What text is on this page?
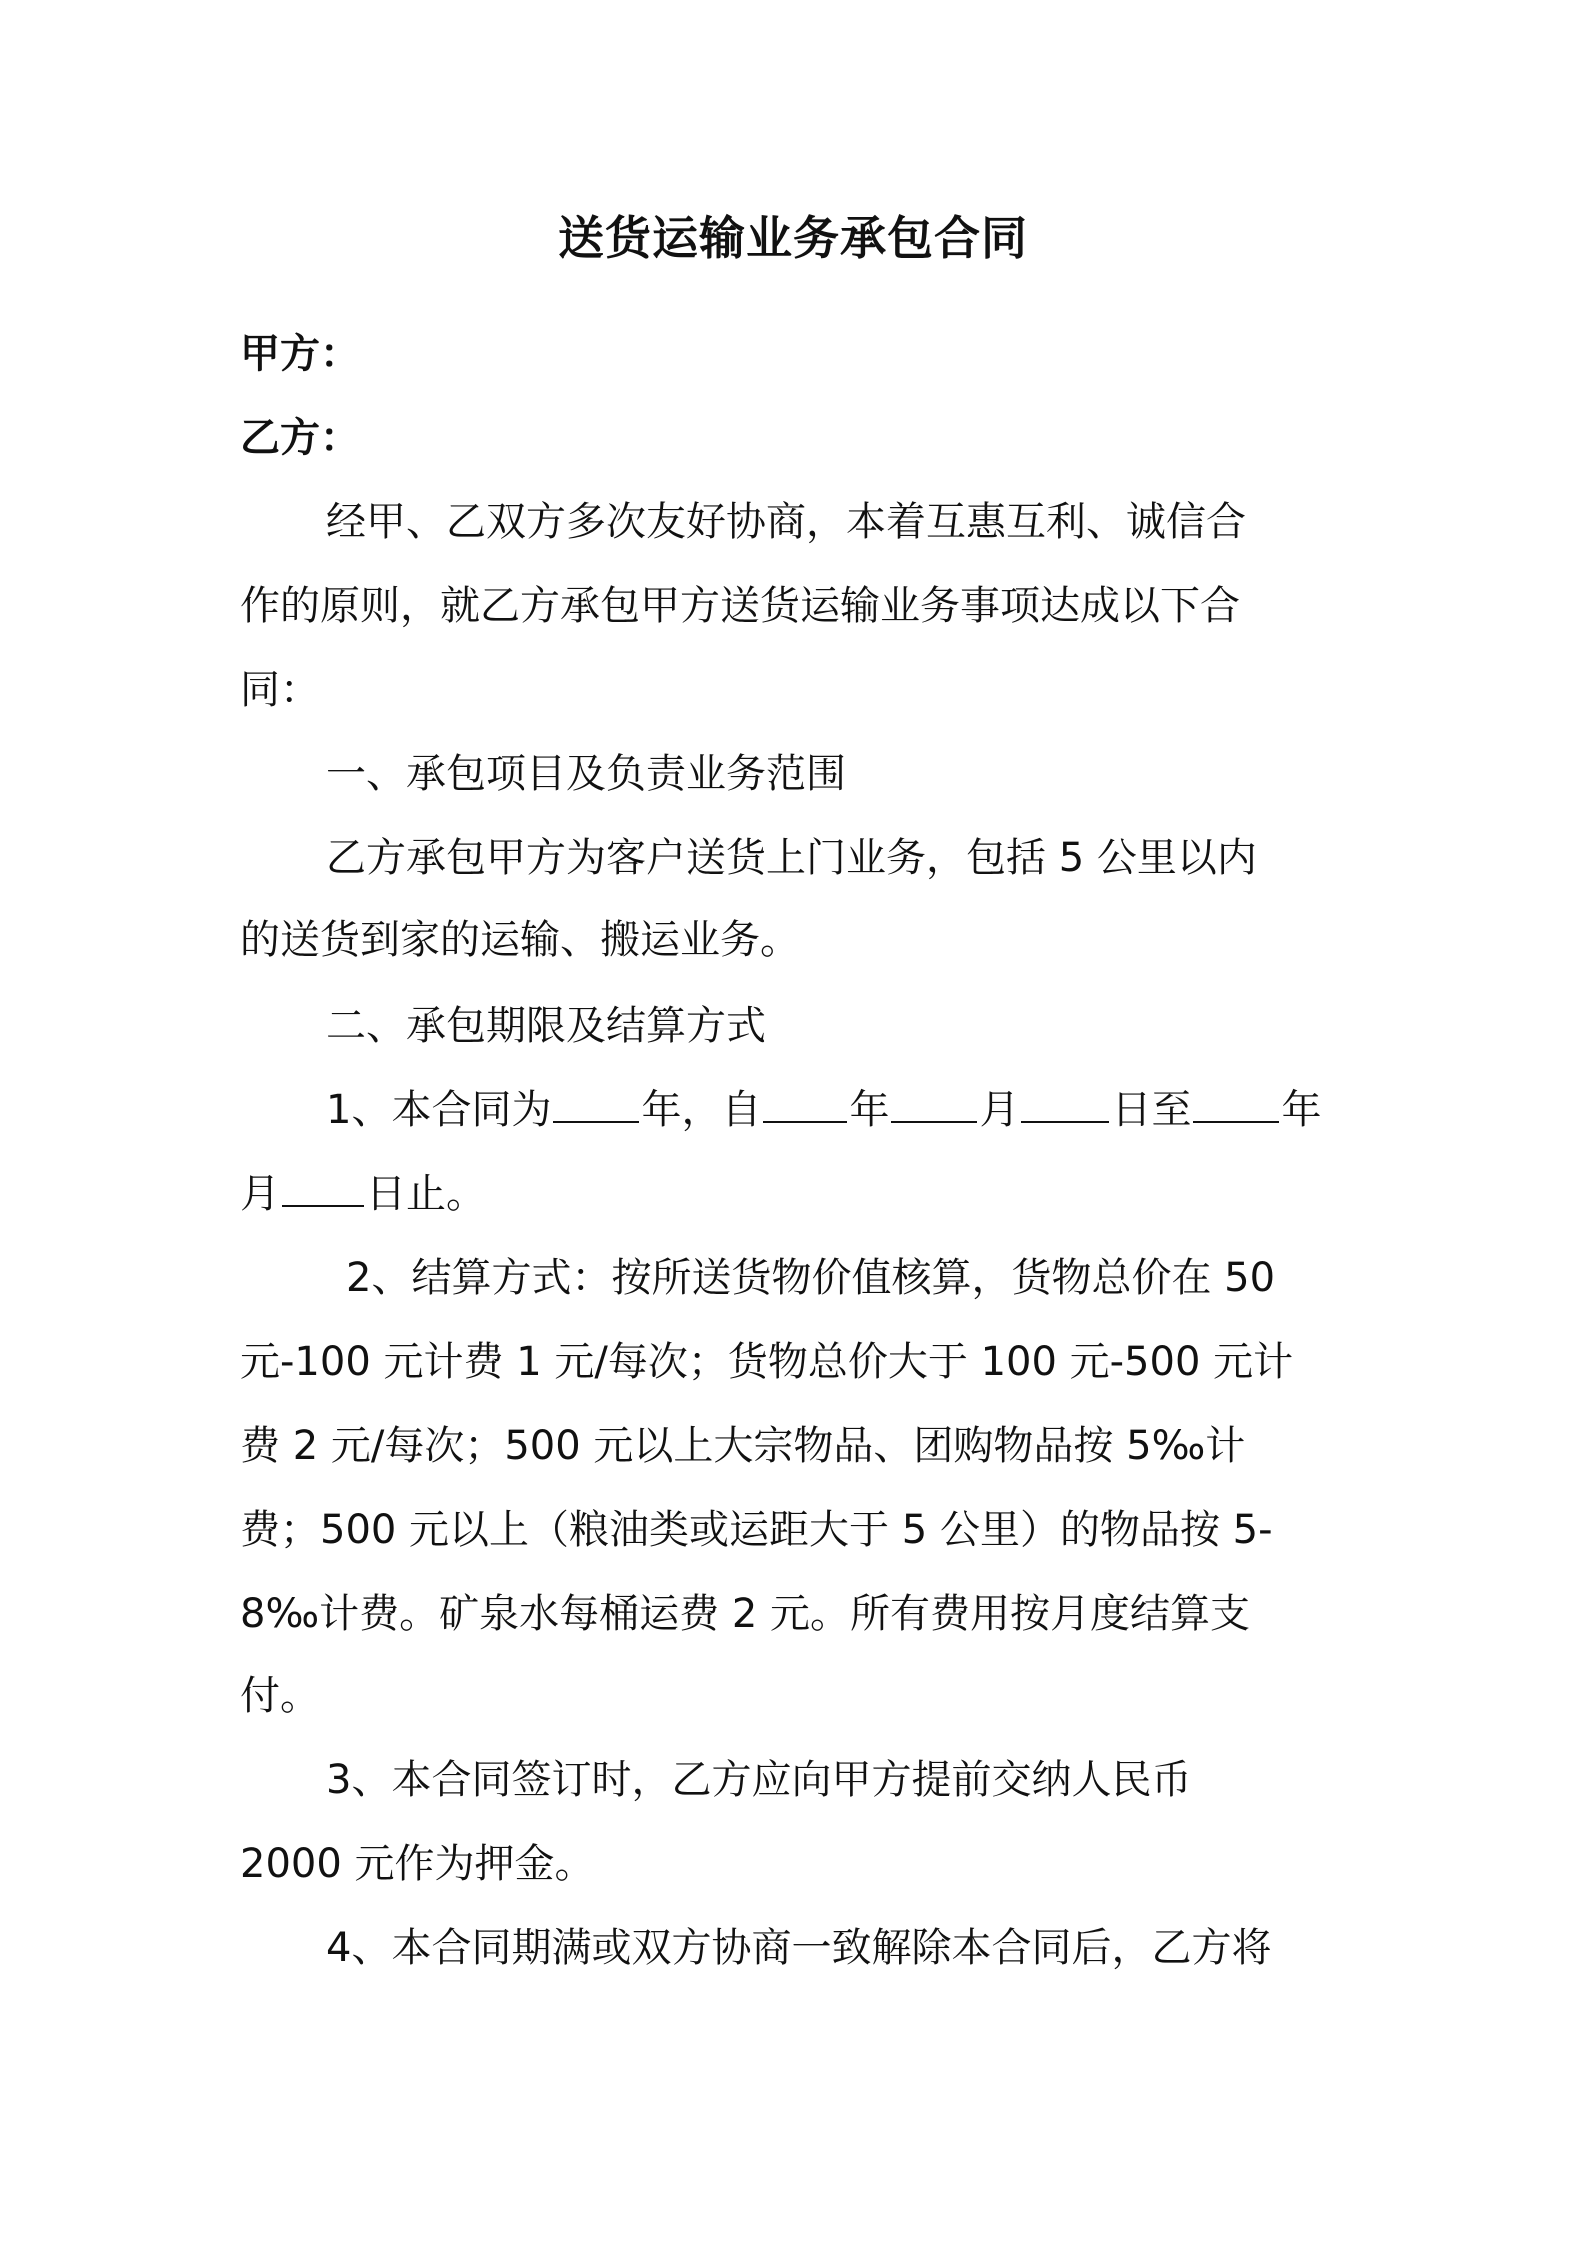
送货运输业务承包合同
甲方：
乙方：
经甲、乙双方多次友好协商，本着互惠互利、诚信合
作的原则，就乙方承包甲方送货运输业务事项达成以下合
同：
一、承包项目及负责业务范围
乙方承包甲方为客户送货上门业务，包括 5 公里以内
的送货到家的运输、搬运业务。
二、承包期限及结算方式
1、本合同为 年，自 年 月 日至 年
月 日止。
2、结算方式：按所送货物价值核算，货物总价在 50
元-100 元计费 1 元/每次；货物总价大于 100 元-500 元计
费 2 元/每次；500 元以上大宗物品、团购物品按 5‰计
费；500 元以上（粮油类或运距大于 5 公里）的物品按 5-
8‰计费。矿泉水每桶运费 2 元。所有费用按月度结算支
付。
3、本合同签订时，乙方应向甲方提前交纳人民币
2000 元作为押金。
4、本合同期满或双方协商一致解除本合同后，乙方将
